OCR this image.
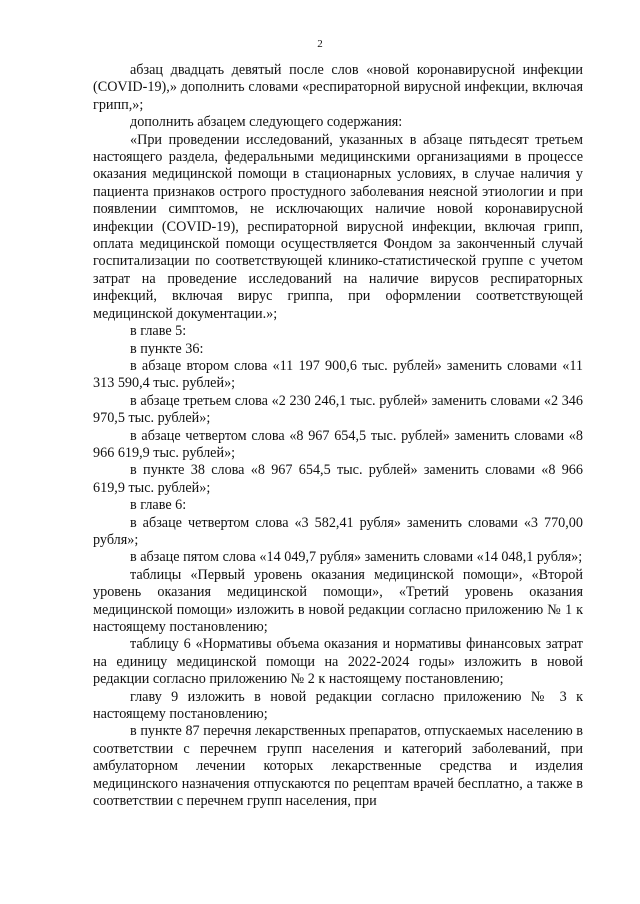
2

абзац двадцать девятый после слов «новой коронавирусной инфекции (COVID-19),» дополнить словами «респираторной вирусной инфекции, включая грипп,»;

дополнить абзацем следующего содержания:

«При проведении исследований, указанных в абзаце пятьдесят третьем настоящего раздела, федеральными медицинскими организациями в процессе оказания медицинской помощи в стационарных условиях, в случае наличия у пациента признаков острого простудного заболевания неясной этиологии и при появлении симптомов, не исключающих наличие новой коронавирусной инфекции (COVID-19), респираторной вирусной инфекции, включая грипп, оплата медицинской помощи осуществляется Фондом за законченный случай госпитализации по соответствующей клинико-статистической группе с учетом затрат на проведение исследований на наличие вирусов респираторных инфекций, включая вирус гриппа, при оформлении соответствующей медицинской документации.»;

в главе 5:

в пункте 36:

в абзаце втором слова «11 197 900,6 тыс. рублей» заменить словами «11 313 590,4 тыс. рублей»;

в абзаце третьем слова «2 230 246,1 тыс. рублей» заменить словами «2 346 970,5 тыс. рублей»;

в абзаце четвертом слова «8 967 654,5 тыс. рублей» заменить словами «8 966 619,9 тыс. рублей»;

в пункте 38 слова «8 967 654,5 тыс. рублей» заменить словами «8 966 619,9 тыс. рублей»;

в главе 6:

в абзаце четвертом слова «3 582,41 рубля» заменить словами «3 770,00 рубля»;

в абзаце пятом слова «14 049,7 рубля» заменить словами «14 048,1 рубля»;

таблицы «Первый уровень оказания медицинской помощи», «Второй уровень оказания медицинской помощи», «Третий уровень оказания медицинской помощи» изложить в новой редакции согласно приложению № 1 к настоящему постановлению;

таблицу 6 «Нормативы объема оказания и нормативы финансовых затрат на единицу медицинской помощи на 2022-2024 годы» изложить в новой редакции согласно приложению № 2 к настоящему постановлению;

главу 9 изложить в новой редакции согласно приложению № 3 к настоящему постановлению;

в пункте 87 перечня лекарственных препаратов, отпускаемых населению в соответствии с перечнем групп населения и категорий заболеваний, при амбулаторном лечении которых лекарственные средства и изделия медицинского назначения отпускаются по рецептам врачей бесплатно, а также в соответствии с перечнем групп населения, при
